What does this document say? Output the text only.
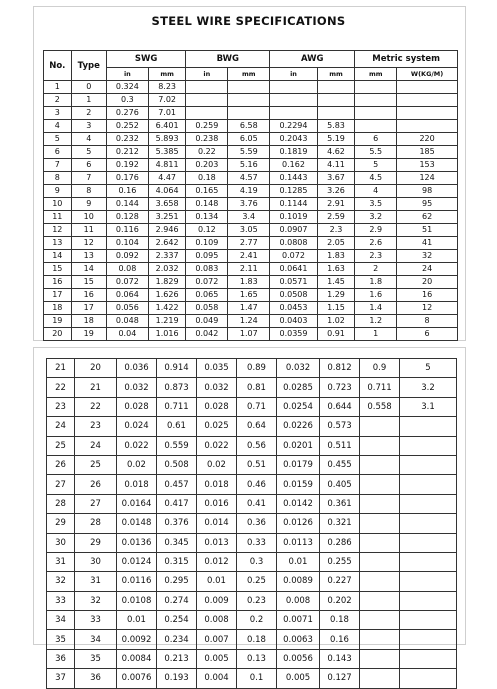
STEEL WIRE SPECIFICATIONS
No.	Type	SWG		BWG		AWG		Metric system	
		in	mm	in	mm	in	mm	mm	W(KG/M)
1	0	0.324	8.23						
2	1	0.3	7.02						
3	2	0.276	7.01						
4	3	0.252	6.401	0.259	6.58	0.2294	5.83		
5	4	0.232	5.893	0.238	6.05	0.2043	5.19	6	220
6	5	0.212	5.385	0.22	5.59	0.1819	4.62	5.5	185
7	6	0.192	4.811	0.203	5.16	0.162	4.11	5	153
8	7	0.176	4.47	0.18	4.57	0.1443	3.67	4.5	124
9	8	0.16	4.064	0.165	4.19	0.1285	3.26	4	98
10	9	0.144	3.658	0.148	3.76	0.1144	2.91	3.5	95
11	10	0.128	3.251	0.134	3.4	0.1019	2.59	3.2	62
12	11	0.116	2.946	0.12	3.05	0.0907	2.3	2.9	51
13	12	0.104	2.642	0.109	2.77	0.0808	2.05	2.6	41
14	13	0.092	2.337	0.095	2.41	0.072	1.83	2.3	32
15	14	0.08	2.032	0.083	2.11	0.0641	1.63	2	24
16	15	0.072	1.829	0.072	1.83	0.0571	1.45	1.8	20
17	16	0.064	1.626	0.065	1.65	0.0508	1.29	1.6	16
18	17	0.056	1.422	0.058	1.47	0.0453	1.15	1.4	12
19	18	0.048	1.219	0.049	1.24	0.0403	1.02	1.2	8
20	19	0.04	1.016	0.042	1.07	0.0359	0.91	1	6
21	20	0.036	0.914	0.035	0.89	0.032	0.812	0.9	5
22	21	0.032	0.873	0.032	0.81	0.0285	0.723	0.711	3.2
23	22	0.028	0.711	0.028	0.71	0.0254	0.644	0.558	3.1
24	23	0.024	0.61	0.025	0.64	0.0226	0.573		
25	24	0.022	0.559	0.022	0.56	0.0201	0.511		
26	25	0.02	0.508	0.02	0.51	0.0179	0.455		
27	26	0.018	0.457	0.018	0.46	0.0159	0.405		
28	27	0.0164	0.417	0.016	0.41	0.0142	0.361		
29	28	0.0148	0.376	0.014	0.36	0.0126	0.321		
30	29	0.0136	0.345	0.013	0.33	0.0113	0.286		
31	30	0.0124	0.315	0.012	0.3	0.01	0.255		
32	31	0.0116	0.295	0.01	0.25	0.0089	0.227		
33	32	0.0108	0.274	0.009	0.23	0.008	0.202		
34	33	0.01	0.254	0.008	0.2	0.0071	0.18		
35	34	0.0092	0.234	0.007	0.18	0.0063	0.16		
36	35	0.0084	0.213	0.005	0.13	0.0056	0.143		
37	36	0.0076	0.193	0.004	0.1	0.005	0.127		
